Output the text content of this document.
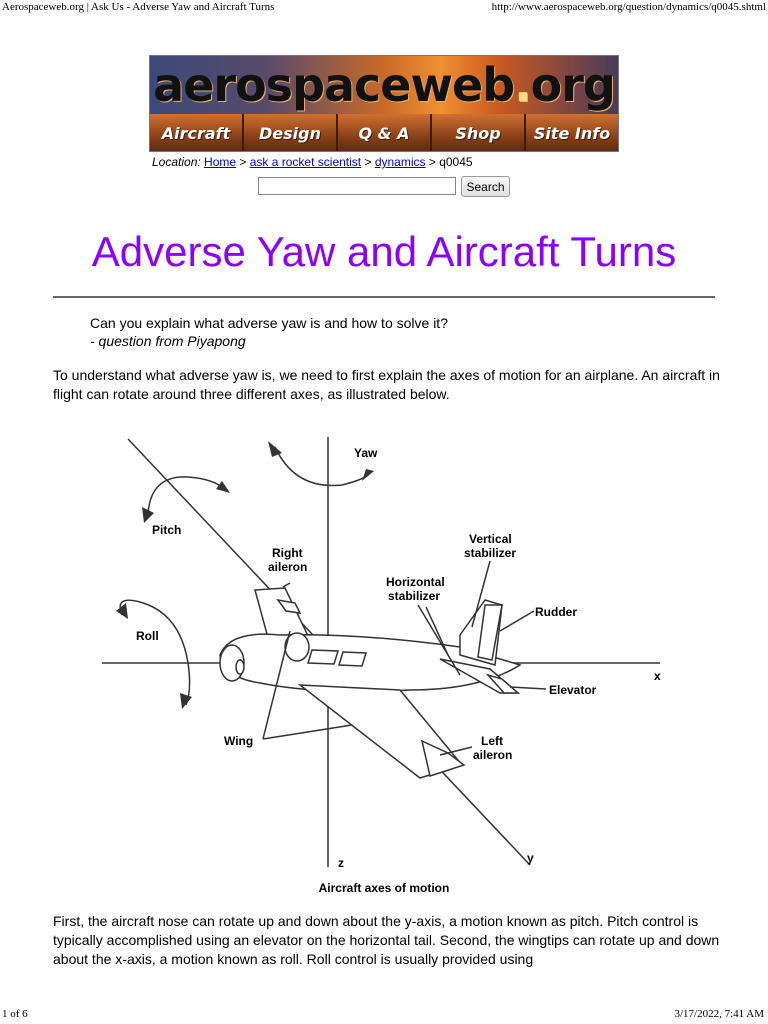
Aerospaceweb.org | Ask Us - Adverse Yaw and Aircraft Turns	http://www.aerospaceweb.org/question/dynamics/q0045.shtml
aerospaceweb.org
Aircraft	Design	Q & A	Shop	Site Info
Location: Home > ask a rocket scientist > dynamics > q0045
Search
Adverse Yaw and Aircraft Turns
Can you explain what adverse yaw is and how to solve it?
- question from Piyapong

To understand what adverse yaw is, we need to first explain the axes of motion for an airplane. An aircraft in flight can rotate around three different axes, as illustrated below.

Yaw
Pitch
Roll
Right
aileron
Vertical
stabilizer
Horizontal
stabilizer
Rudder
Elevator
Wing	Left
aileron
x
y
z
Aircraft axes of motion

First, the aircraft nose can rotate up and down about the y-axis, a motion known as pitch. Pitch control is typically accomplished using an elevator on the horizontal tail. Second, the wingtips can rotate up and down about the x-axis, a motion known as roll. Roll control is usually provided using

1 of 6	3/17/2022, 7:41 AM
